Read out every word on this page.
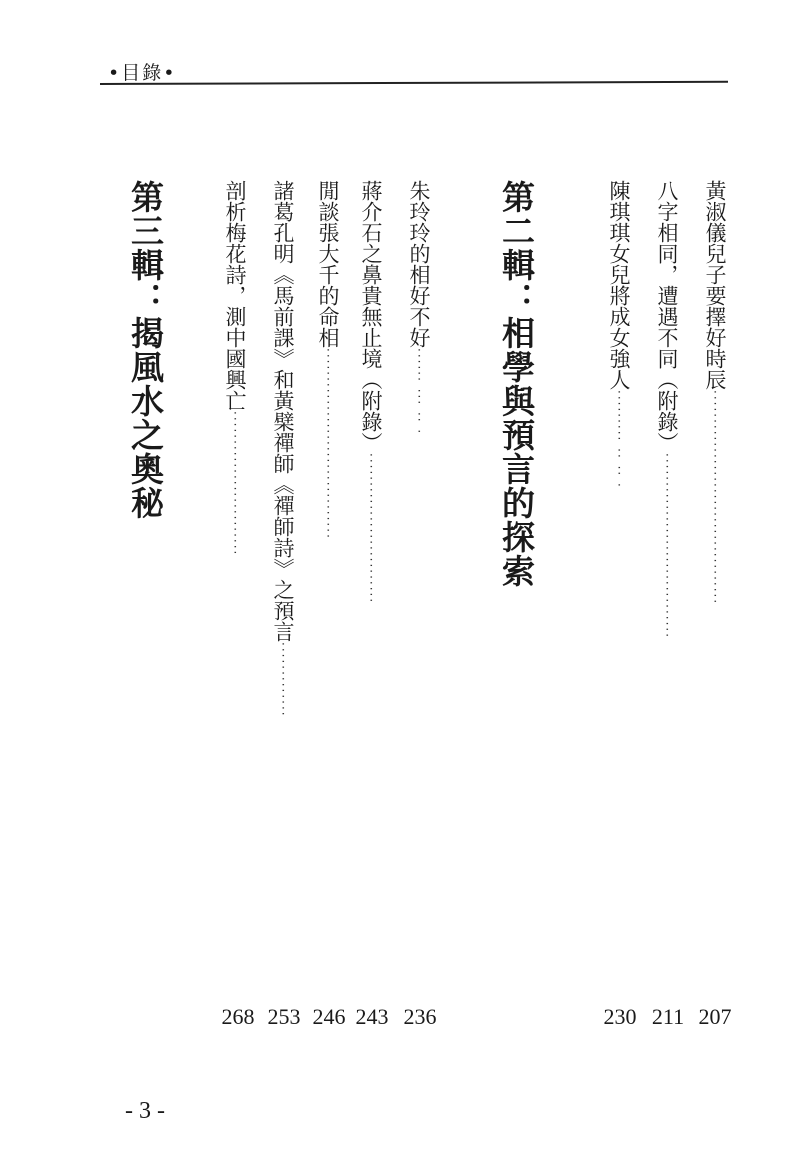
•目錄•
黃淑儀兒子要擇好時辰·····································
八字相同，遭遇不同（附錄）································
陳琪琪女兒將成女強人········· ·· ·· ·
第二輯：相學與預言的探索
朱玲玲的相好不好······ ··· ·· ·
蔣介石之鼻貴無止境（附錄）··························
閒談張大千的命相·································
諸葛孔明《馬前課》和黃檗禪師《禪師詩》之預言·············
剖析梅花詩，測中國興亡·························
第三輯：揭風水之奧秘
207
211
230
236
243
246
253
268
- 3 -
